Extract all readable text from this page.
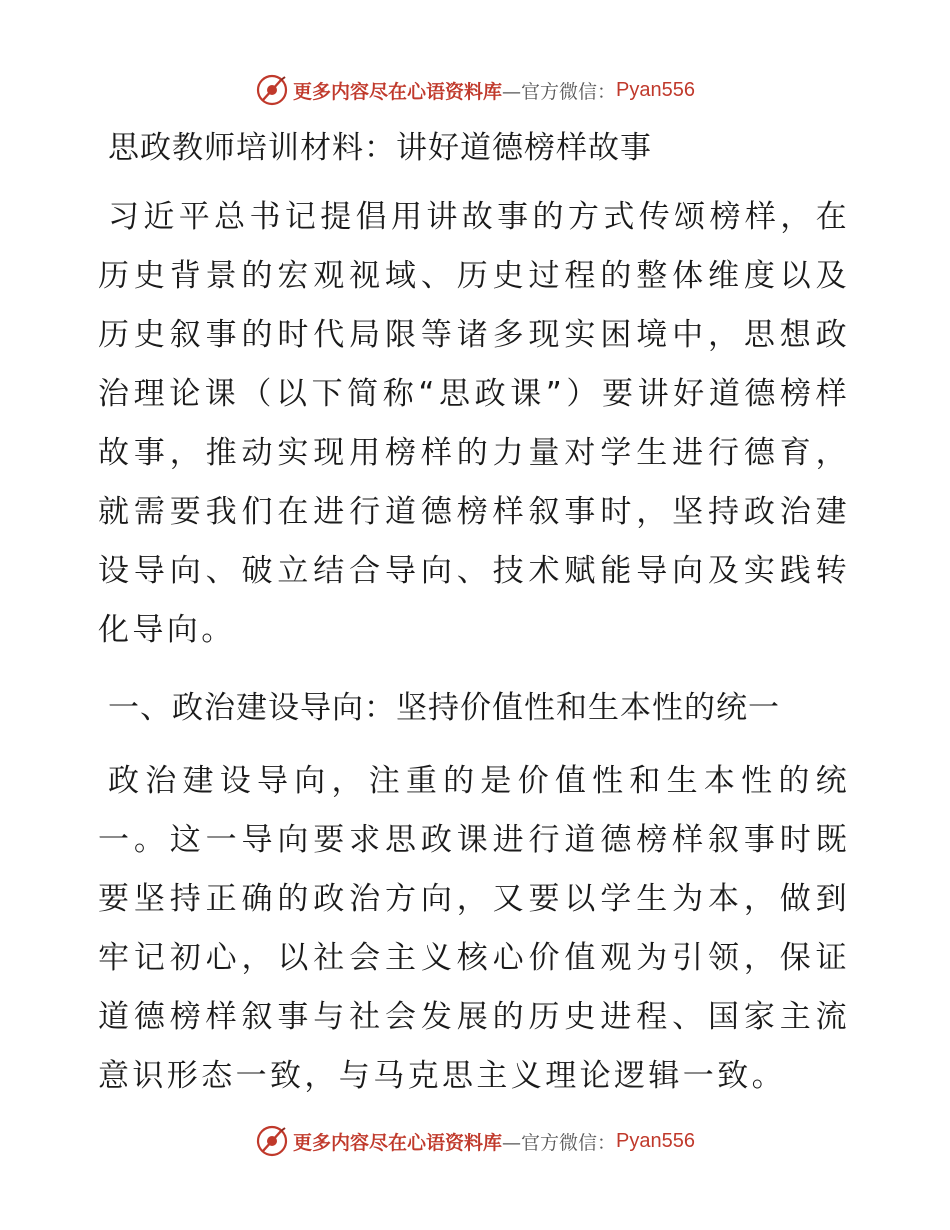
更多内容尽在心语资料库 —官方微信： Pyan556
思政教师培训材料：讲好道德榜样故事

习近平总书记提倡用讲故事的方式传颂榜样，在历史背景的宏观视域、历史过程的整体维度以及历史叙事的时代局限等诸多现实困境中，思想政治理论课（以下简称“思政课”）要讲好道德榜样故事，推动实现用榜样的力量对学生进行德育，就需要我们在进行道德榜样叙事时，坚持政治建设导向、破立结合导向、技术赋能导向及实践转化导向。

一、政治建设导向：坚持价值性和生本性的统一

政治建设导向，注重的是价值性和生本性的统一。这一导向要求思政课进行道德榜样叙事时既要坚持正确的政治方向，又要以学生为本，做到牢记初心，以社会主义核心价值观为引领，保证道德榜样叙事与社会发展的历史进程、国家主流意识形态一致，与马克思主义理论逻辑一致。

更多内容尽在心语资料库 —官方微信： Pyan556
